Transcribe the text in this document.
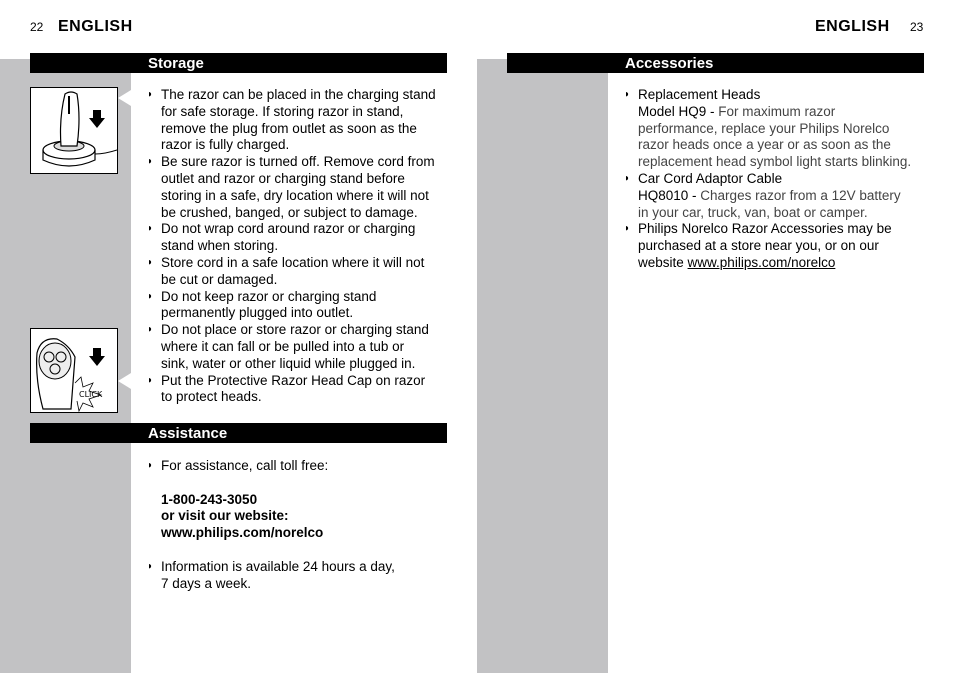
22 ENGLISH
Storage
CLICK
◗ The razor can be placed in the charging stand
for safe storage. If storing razor in stand,
remove the plug from outlet as soon as the
razor is fully charged.
◗ Be sure razor is turned off. Remove cord from
outlet and razor or charging stand before
storing in a safe, dry location where it will not
be crushed, banged, or subject to damage.
◗ Do not wrap cord around razor or charging
stand when storing.
◗ Store cord in a safe location where it will not
be cut or damaged.
◗ Do not keep razor or charging stand
permanently plugged into outlet.
◗ Do not place or store razor or charging stand
where it can fall or be pulled into a tub or
sink, water or other liquid while plugged in.
◗ Put the Protective Razor Head Cap on razor
to protect heads.
Assistance
◗ For assistance, call toll free:
1-800-243-3050
or visit our website:
www.philips.com/norelco
◗ Information is available 24 hours a day,
7 days a week.
ENGLISH 23
Accessories
◗ Replacement Heads
Model HQ9 - For maximum razor
performance, replace your Philips Norelco
razor heads once a year or as soon as the
replacement head symbol light starts blinking.
◗ Car Cord Adaptor Cable
HQ8010 - Charges razor from a 12V battery
in your car, truck, van, boat or camper.
◗ Philips Norelco Razor Accessories may be
purchased at a store near you, or on our
website www.philips.com/norelco
